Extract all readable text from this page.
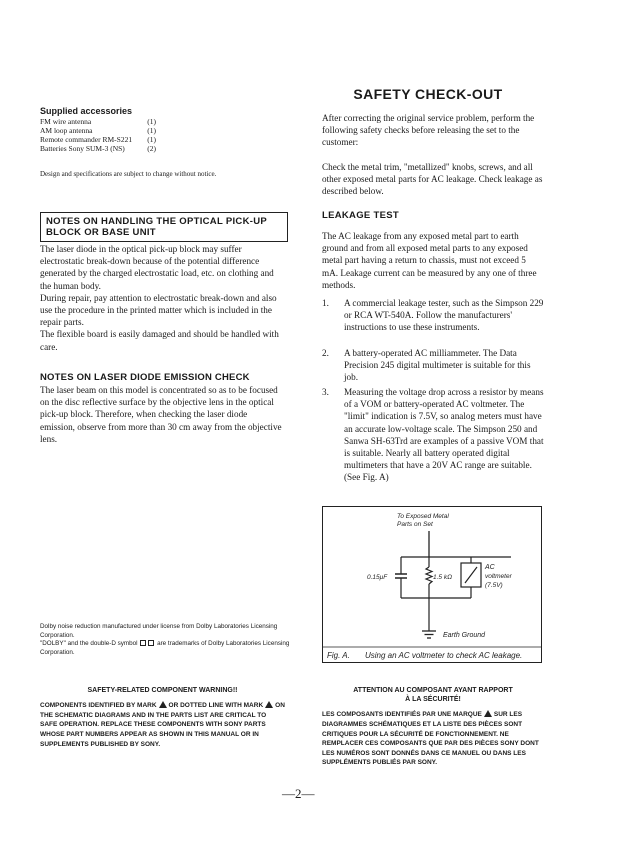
Supplied accessories
FM wire antenna	(1)
AM loop antenna	(1)
Remote commander RM-S221 (1)
Batteries Sony SUM-3 (NS)	(2)
Design and specifications are subject to change without notice.
NOTES ON HANDLING THE OPTICAL PICK-UP
BLOCK OR BASE UNIT

The laser diode in the optical pick-up block may suffer electrostatic break-down because of the potential difference generated by the charged electrostatic load, etc. on clothing and the human body.

During repair, pay attention to electrostatic break-down and also use the procedure in the printed matter which is included in the repair parts.

The flexible board is easily damaged and should be handled with care.

NOTES ON LASER DIODE EMISSION CHECK
The laser beam on this model is concentrated so as to be focused on the disc reflective surface by the objective lens in the optical pick-up block. Therefore, when checking the laser diode emission, observe from more than 30 cm away from the objective lens.
Dolby noise reduction manufactured under license from Dolby Laboratories Licensing Corporation.
"DOLBY" and the double-D symbol	are trademarks of Dolby Laboratories Licensing Corporation.
SAFETY CHECK-OUT
After correcting the original service problem, perform the following safety checks before releasing the set to the customer:
Check the metal trim, "metallized" knobs, screws, and all other exposed metal parts for AC leakage. Check leakage as described below.
LEAKAGE TEST
The AC leakage from any exposed metal part to earth ground and from all exposed metal parts to any exposed metal part having a return to chassis, must not exceed 5 mA. Leakage current can be measured by any one of three methods.
1.	A commercial leakage tester, such as the Simpson 229 or RCA WT-540A. Follow the manufacturers' instructions to use these instruments.
2.	A battery-operated AC milliammeter. The Data Precision 245 digital multimeter is suitable for this job.
3.	Measuring the voltage drop across a resistor by means of a VOM or battery-operated AC voltmeter. The "limit" indication is 7.5V, so analog meters must have an accurate low-voltage scale. The Simpson 250 and Sanwa SH-63Trd are examples of a passive VOM that is suitable. Nearly all battery operated digital multimeters that have a 20V AC range are suitable. (See Fig. A)
To Exposed Metal
Parts on Set
0.15μF	1.5 kΩ
AC
voltmeter
(7.5V)
Earth Ground
Fig. A. Using an AC voltmeter to check AC leakage.
SAFETY-RELATED COMPONENT WARNING!!
COMPONENTS IDENTIFIED BY MARK OR DOTTED LINE WITH MARK ON THE SCHEMATIC DIAGRAMS AND IN THE PARTS LIST ARE CRITICAL TO SAFE OPERATION. REPLACE THESE COMPONENTS WITH SONY PARTS WHOSE PART NUMBERS APPEAR AS SHOWN IN THIS MANUAL OR IN SUPPLEMENTS PUBLISHED BY SONY.
ATTENTION AU COMPOSANT AYANT RAPPORT
À LA SÉCURITÉ!
LES COMPOSANTS IDENTIFIÉS PAR UNE MARQUE SUR LES DIAGRAMMES SCHÉMATIQUES ET LA LISTE DES PIÈCES SONT CRITIQUES POUR LA SÉCURITÉ DE FONCTIONNEMENT. NE REMPLACER CES COMPOSANTS QUE PAR DES PIÈCES SONY DONT LES NUMÉROS SONT DONNÉS DANS CE MANUEL OU DANS LES SUPPLÉMENTS PUBLIÉS PAR SONY.
—2—
